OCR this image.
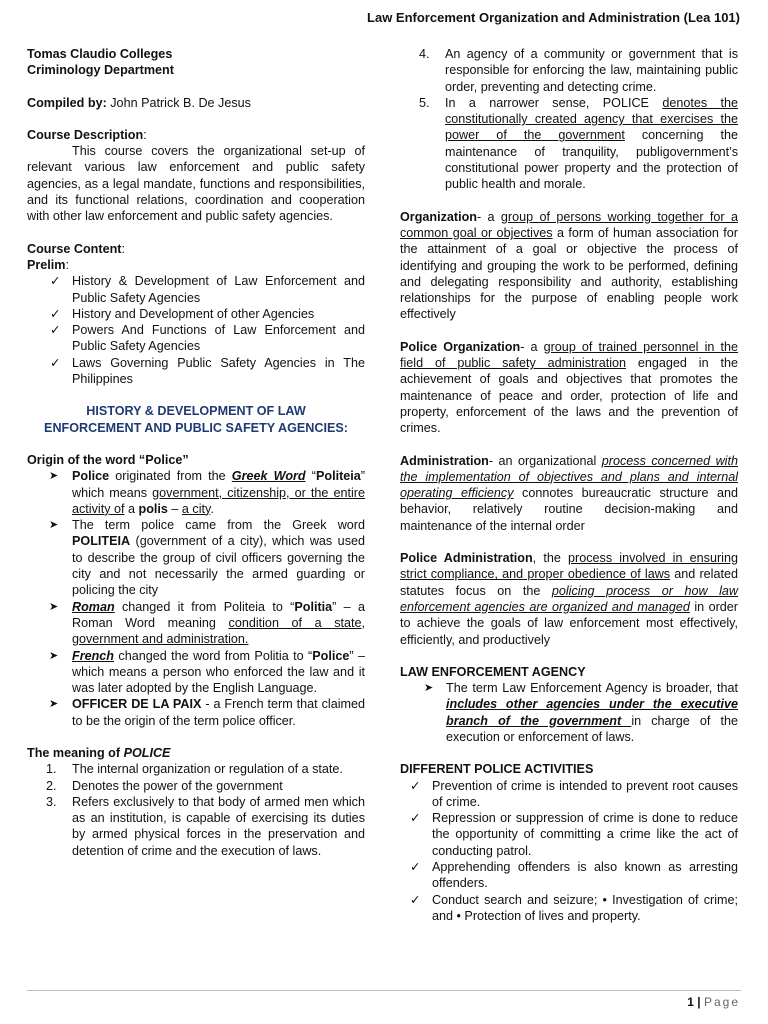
Law Enforcement Organization and Administration (Lea 101)

Tomas Claudio Colleges

Criminology Department

Compiled by: John Patrick B. De Jesus

Course Description:

This course covers the organizational set-up of relevant various law enforcement and public safety agencies, as a legal mandate, functions and responsibilities, and its functional relations, coordination and cooperation with other law enforcement and public safety agencies.

Course Content:

Prelim:

✓ History & Development of Law Enforcement and Public Safety Agencies
✓ History and Development of other Agencies
✓ Powers And Functions of Law Enforcement and Public Safety Agencies
✓ Laws Governing Public Safety Agencies in The Philippines

HISTORY & DEVELOPMENT OF LAW

ENFORCEMENT AND PUBLIC SAFETY AGENCIES:

Origin of the word “Police”

➤ Police originated from the Greek Word “Politeia” which means government, citizenship, or the entire activity of a polis – a city.
➤ The term police came from the Greek word POLITEIA (government of a city), which was used to describe the group of civil officers governing the city and not necessarily the armed guarding or policing the city
➤ Roman changed it from Politeia to “Politia” – a Roman Word meaning condition of a state, government and administration.
➤ French changed the word from Politia to “Police” – which means a person who enforced the law and it was later adopted by the English Language.
➤ OFFICER DE LA PAIX - a French term that claimed to be the origin of the term police officer.

The meaning of POLICE

1. The internal organization or regulation of a state.
2. Denotes the power of the government
3. Refers exclusively to that body of armed men which as an institution, is capable of exercising its duties by armed physical forces in the preservation and detention of crime and the execution of laws.
4. An agency of a community or government that is responsible for enforcing the law, maintaining public order, preventing and detecting crime.
5. In a narrower sense, POLICE denotes the constitutionally created agency that exercises the power of the government concerning the maintenance of tranquility, publigovernment’s constitutional power property and the protection of public health and morale.

Organization- a group of persons working together for a common goal or objectives a form of human association for the attainment of a goal or objective the process of identifying and grouping the work to be performed, defining and delegating responsibility and authority, establishing relationships for the purpose of enabling people work effectively

Police Organization- a group of trained personnel in the field of public safety administration engaged in the achievement of goals and objectives that promotes the maintenance of peace and order, protection of life and property, enforcement of the laws and the prevention of crimes.

Administration- an organizational process concerned with the implementation of objectives and plans and internal operating efficiency connotes bureaucratic structure and behavior, relatively routine decision-making and maintenance of the internal order

Police Administration, the process involved in ensuring strict compliance, and proper obedience of laws and related statutes focus on the policing process or how law enforcement agencies are organized and managed in order to achieve the goals of law enforcement most effectively, efficiently, and productively

LAW ENFORCEMENT AGENCY

➤ The term Law Enforcement Agency is broader, that includes other agencies under the executive branch of the government in charge of the execution or enforcement of laws.

DIFFERENT POLICE ACTIVITIES

✓ Prevention of crime is intended to prevent root causes of crime.
✓ Repression or suppression of crime is done to reduce the opportunity of committing a crime like the act of conducting patrol.
✓ Apprehending offenders is also known as arresting offenders.
✓ Conduct search and seizure; • Investigation of crime; and • Protection of lives and property.
1 | Page
